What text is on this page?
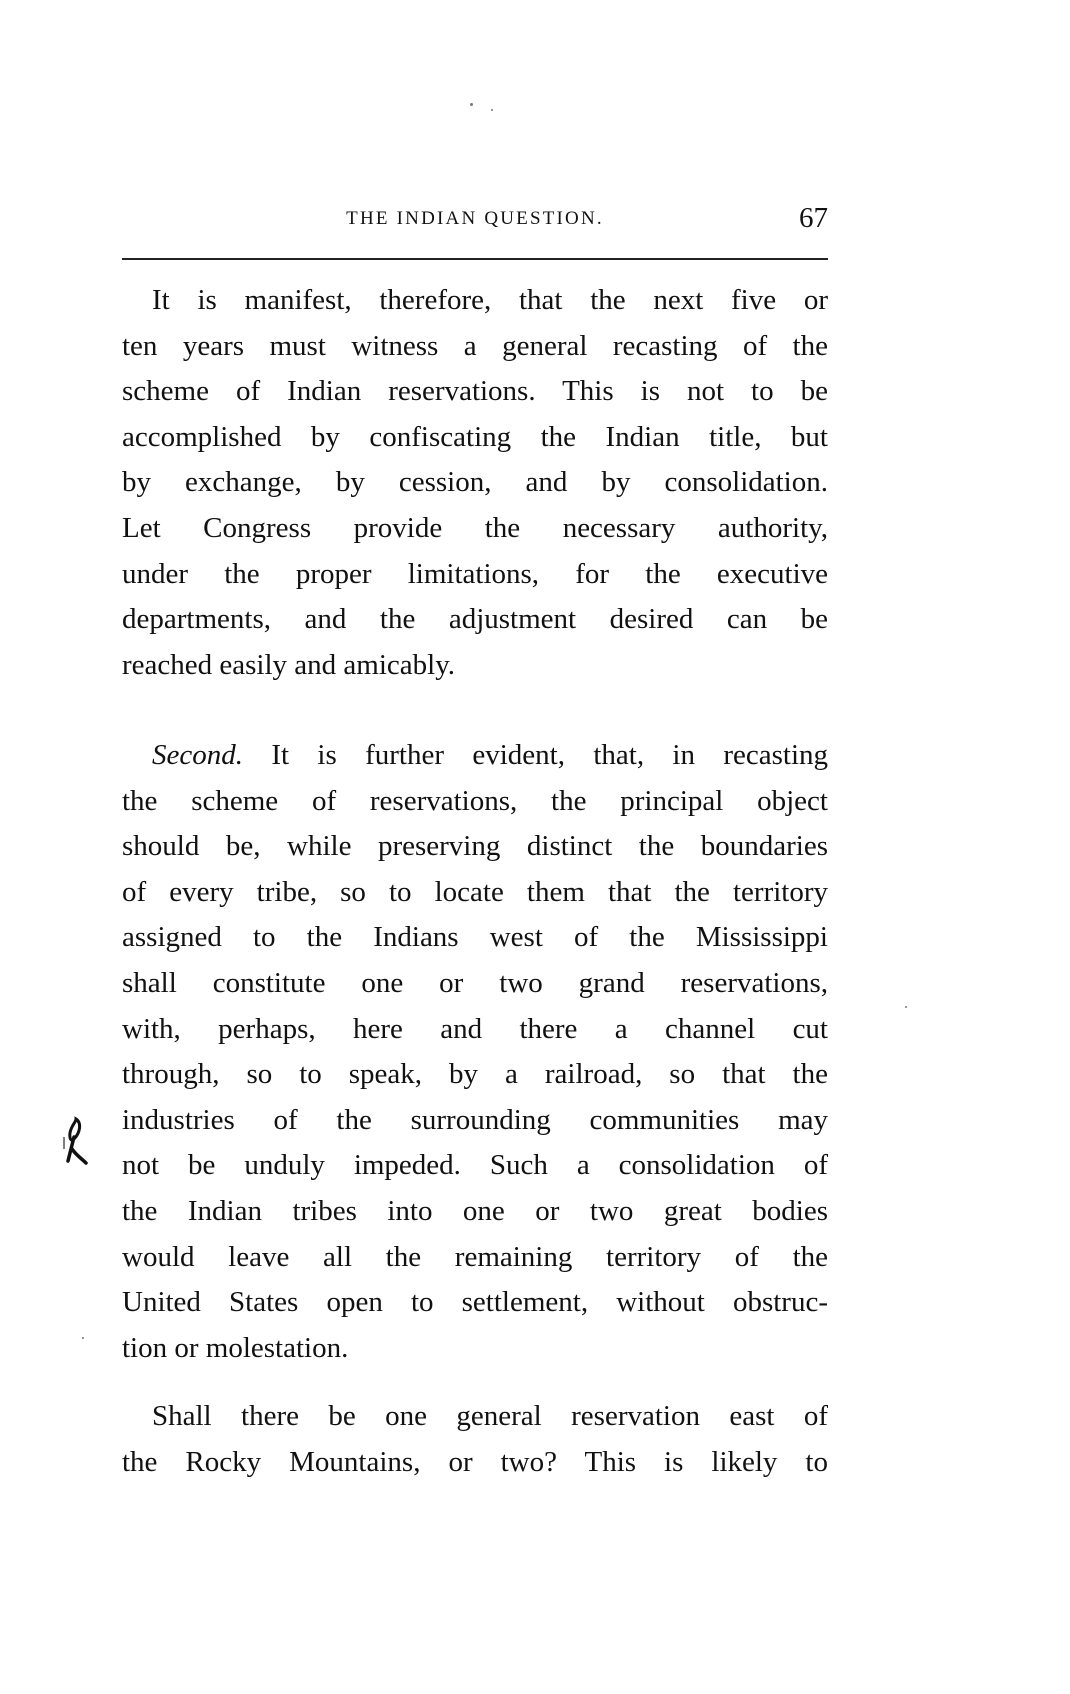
THE INDIAN QUESTION.	67
It is manifest, therefore, that the next five or
ten years must witness a general recasting of the
scheme of Indian reservations. This is not to be
accomplished by confiscating the Indian title, but
by exchange, by cession, and by consolidation.
Let Congress provide the necessary authority,
under the proper limitations, for the executive
departments, and the adjustment desired can be
reached easily and amicably.
Second. It is further evident, that, in recasting
the scheme of reservations, the principal object
should be, while preserving distinct the boundaries
of every tribe, so to locate them that the territory
assigned to the Indians west of the Mississippi
shall constitute one or two grand reservations,
with, perhaps, here and there a channel cut
through, so to speak, by a railroad, so that the
industries of the surrounding communities may
not be unduly impeded. Such a consolidation of
the Indian tribes into one or two great bodies
would leave all the remaining territory of the
United States open to settlement, without obstruc-
tion or molestation.
Shall there be one general reservation east of
the Rocky Mountains, or two? This is likely to
